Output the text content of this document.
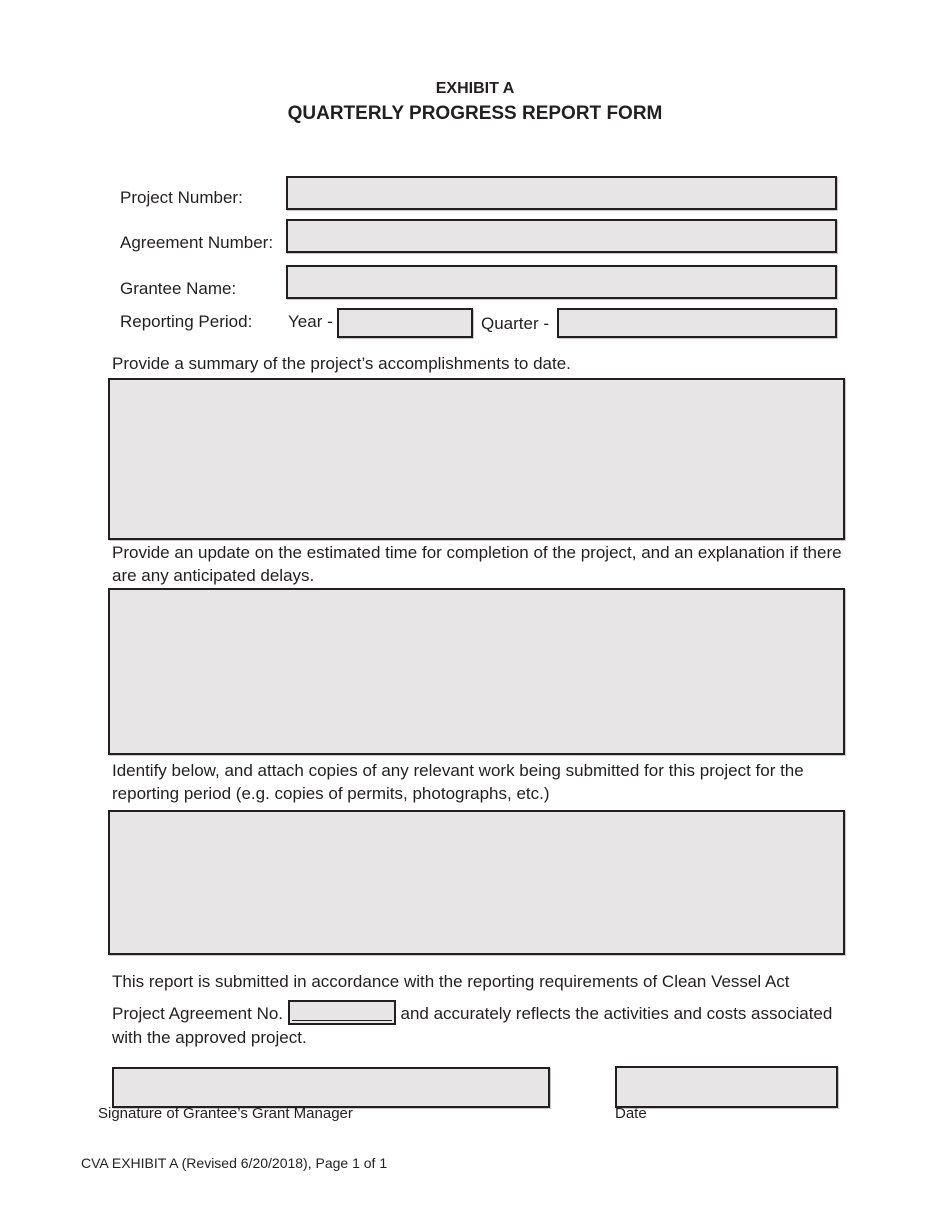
EXHIBIT A
QUARTERLY PROGRESS REPORT FORM
Project Number:
Agreement Number:
Grantee Name:
Reporting Period: Year -	Quarter -
Provide a summary of the project’s accomplishments to date.
Provide an update on the estimated time for completion of the project, and an explanation if there are any anticipated delays.
Identify below, and attach copies of any relevant work being submitted for this project for the reporting period (e.g. copies of permits, photographs, etc.)
This report is submitted in accordance with the reporting requirements of Clean Vessel Act
Project Agreement No.	and accurately reflects the activities and costs associated
with the approved project.
Signature of Grantee’s Grant Manager	Date
CVA EXHIBIT A (Revised 6/20/2018), Page 1 of 1
